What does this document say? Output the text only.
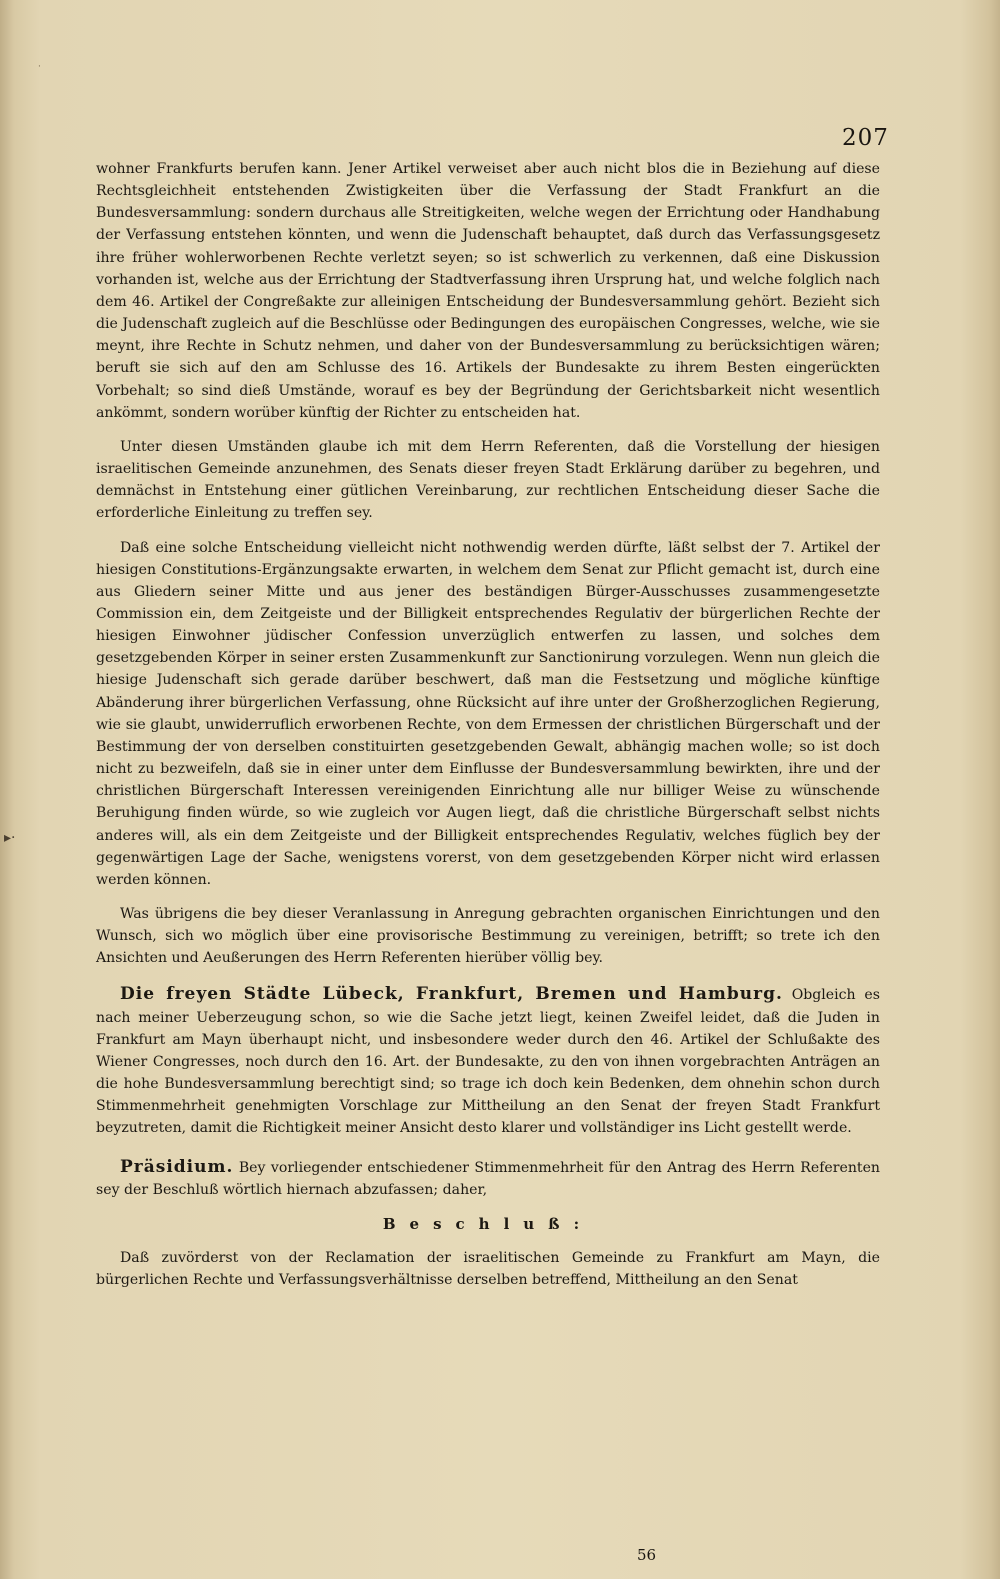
·
207

wohner Frankfurts berufen kann. Jener Artikel verweiset aber auch nicht blos die in Beziehung auf diese Rechtsgleichheit entstehenden Zwistigkeiten über die Verfassung der Stadt Frankfurt an die Bundesversammlung: sondern durchaus alle Streitigkeiten, welche wegen der Errichtung oder Handhabung der Verfassung entstehen könnten, und wenn die Judenschaft behauptet, daß durch das Verfassungsgesetz ihre früher wohlerworbenen Rechte verletzt seyen; so ist schwerlich zu verkennen, daß eine Diskussion vorhanden ist, welche aus der Errichtung der Stadtverfassung ihren Ursprung hat, und welche folglich nach dem 46. Artikel der Congreßakte zur alleinigen Entscheidung der Bundesversammlung gehört. Bezieht sich die Judenschaft zugleich auf die Beschlüsse oder Bedingungen des europäischen Congresses, welche, wie sie meynt, ihre Rechte in Schutz nehmen, und daher von der Bundesversammlung zu berücksichtigen wären; beruft sie sich auf den am Schlusse des 16. Artikels der Bundesakte zu ihrem Besten eingerückten Vorbehalt; so sind dieß Umstände, worauf es bey der Begründung der Gerichtsbarkeit nicht wesentlich ankömmt, sondern worüber künftig der Richter zu entscheiden hat.

Unter diesen Umständen glaube ich mit dem Herrn Referenten, daß die Vorstellung der hiesigen israelitischen Gemeinde anzunehmen, des Senats dieser freyen Stadt Erklärung darüber zu begehren, und demnächst in Entstehung einer gütlichen Vereinbarung, zur rechtlichen Entscheidung dieser Sache die erforderliche Einleitung zu treffen sey.

Daß eine solche Entscheidung vielleicht nicht nothwendig werden dürfte, läßt selbst der 7. Artikel der hiesigen Constitutions-Ergänzungsakte erwarten, in welchem dem Senat zur Pflicht gemacht ist, durch eine aus Gliedern seiner Mitte und aus jener des beständigen Bürger-Ausschusses zusammengesetzte Commission ein, dem Zeitgeiste und der Billigkeit entsprechendes Regulativ der bürgerlichen Rechte der hiesigen Einwohner jüdischer Confession unverzüglich entwerfen zu lassen, und solches dem gesetzgebenden Körper in seiner ersten Zusammenkunft zur Sanctionirung vorzulegen. Wenn nun gleich die hiesige Judenschaft sich gerade darüber beschwert, daß man die Festsetzung und mögliche künftige Abänderung ihrer bürgerlichen Verfassung, ohne Rücksicht auf ihre unter der Großherzoglichen Regierung, wie sie glaubt, unwiderruflich erworbenen Rechte, von dem Ermessen der christlichen Bürgerschaft und der Bestimmung der von derselben constituirten gesetzgebenden Gewalt, abhängig machen wolle; so ist doch nicht zu bezweifeln, daß sie in einer unter dem Einflusse der Bundesversammlung bewirkten, ihre und der christlichen Bürgerschaft Interessen vereinigenden Einrichtung alle nur billiger Weise zu wünschende Beruhigung finden würde, so wie zugleich vor Augen liegt, daß die christliche Bürgerschaft selbst nichts anderes will, als ein dem Zeitgeiste und der Billigkeit entsprechendes Regulativ, welches füglich bey der gegenwärtigen Lage der Sache, wenigstens vorerst, von dem gesetzgebenden Körper nicht wird erlassen werden können.

Was übrigens die bey dieser Veranlassung in Anregung gebrachten organischen Einrichtungen und den Wunsch, sich wo möglich über eine provisorische Bestimmung zu vereinigen, betrifft; so trete ich den Ansichten und Aeußerungen des Herrn Referenten hierüber völlig bey.

Die freyen Städte Lübeck, Frankfurt, Bremen und Hamburg. Obgleich es nach meiner Ueberzeugung schon, so wie die Sache jetzt liegt, keinen Zweifel leidet, daß die Juden in Frankfurt am Mayn überhaupt nicht, und insbesondere weder durch den 46. Artikel der Schlußakte des Wiener Congresses, noch durch den 16. Art. der Bundesakte, zu den von ihnen vorgebrachten Anträgen an die hohe Bundesversammlung berechtigt sind; so trage ich doch kein Bedenken, dem ohnehin schon durch Stimmenmehrheit genehmigten Vorschlage zur Mittheilung an den Senat der freyen Stadt Frankfurt beyzutreten, damit die Richtigkeit meiner Ansicht desto klarer und vollständiger ins Licht gestellt werde.

Präsidium. Bey vorliegender entschiedener Stimmenmehrheit für den Antrag des Herrn Referenten sey der Beschluß wörtlich hiernach abzufassen; daher,

Beschluß:

Daß zuvörderst von der Reclamation der israelitischen Gemeinde zu Frankfurt am Mayn, die bürgerlichen Rechte und Verfassungsverhältnisse derselben betreffend, Mittheilung an den Senat

▸·
56
